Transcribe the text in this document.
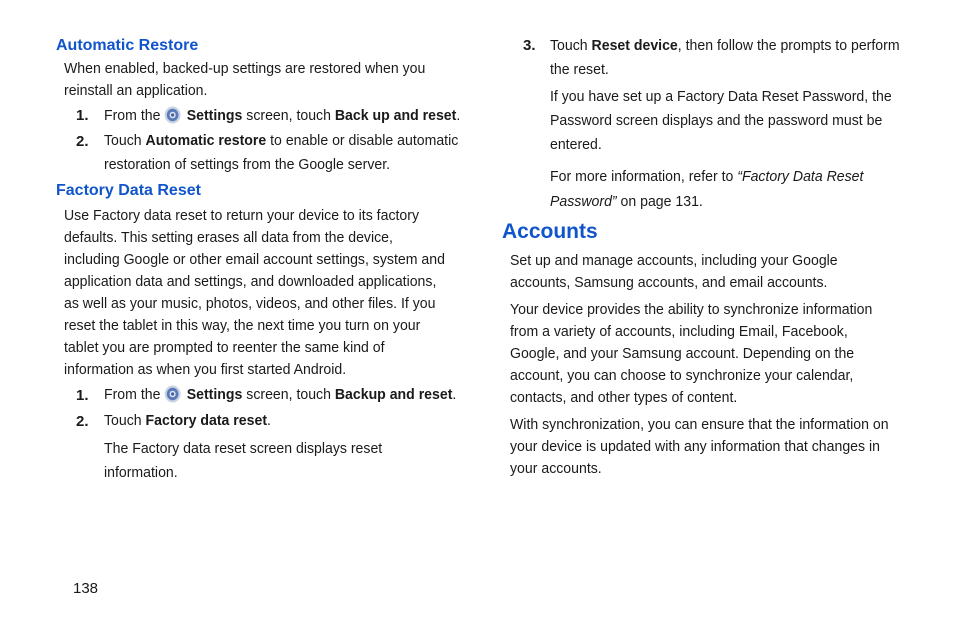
Automatic Restore
When enabled, backed-up settings are restored when you
reinstall an application.
1. From the Settings screen, touch Back up and reset.
2. Touch Automatic restore to enable or disable automatic
restoration of settings from the Google server.
Factory Data Reset
Use Factory data reset to return your device to its factory
defaults. This setting erases all data from the device,
including Google or other email account settings, system and
application data and settings, and downloaded applications,
as well as your music, photos, videos, and other files. If you
reset the tablet in this way, the next time you turn on your
tablet you are prompted to reenter the same kind of
information as when you first started Android.
1. From the Settings screen, touch Backup and reset.
2. Touch Factory data reset.
The Factory data reset screen displays reset
information.
3. Touch Reset device, then follow the prompts to perform
the reset.
If you have set up a Factory Data Reset Password, the
Password screen displays and the password must be
entered.
For more information, refer to “Factory Data Reset
Password” on page 131.
Accounts
Set up and manage accounts, including your Google
accounts, Samsung accounts, and email accounts.
Your device provides the ability to synchronize information
from a variety of accounts, including Email, Facebook,
Google, and your Samsung account. Depending on the
account, you can choose to synchronize your calendar,
contacts, and other types of content.
With synchronization, you can ensure that the information on
your device is updated with any information that changes in
your accounts.
138
